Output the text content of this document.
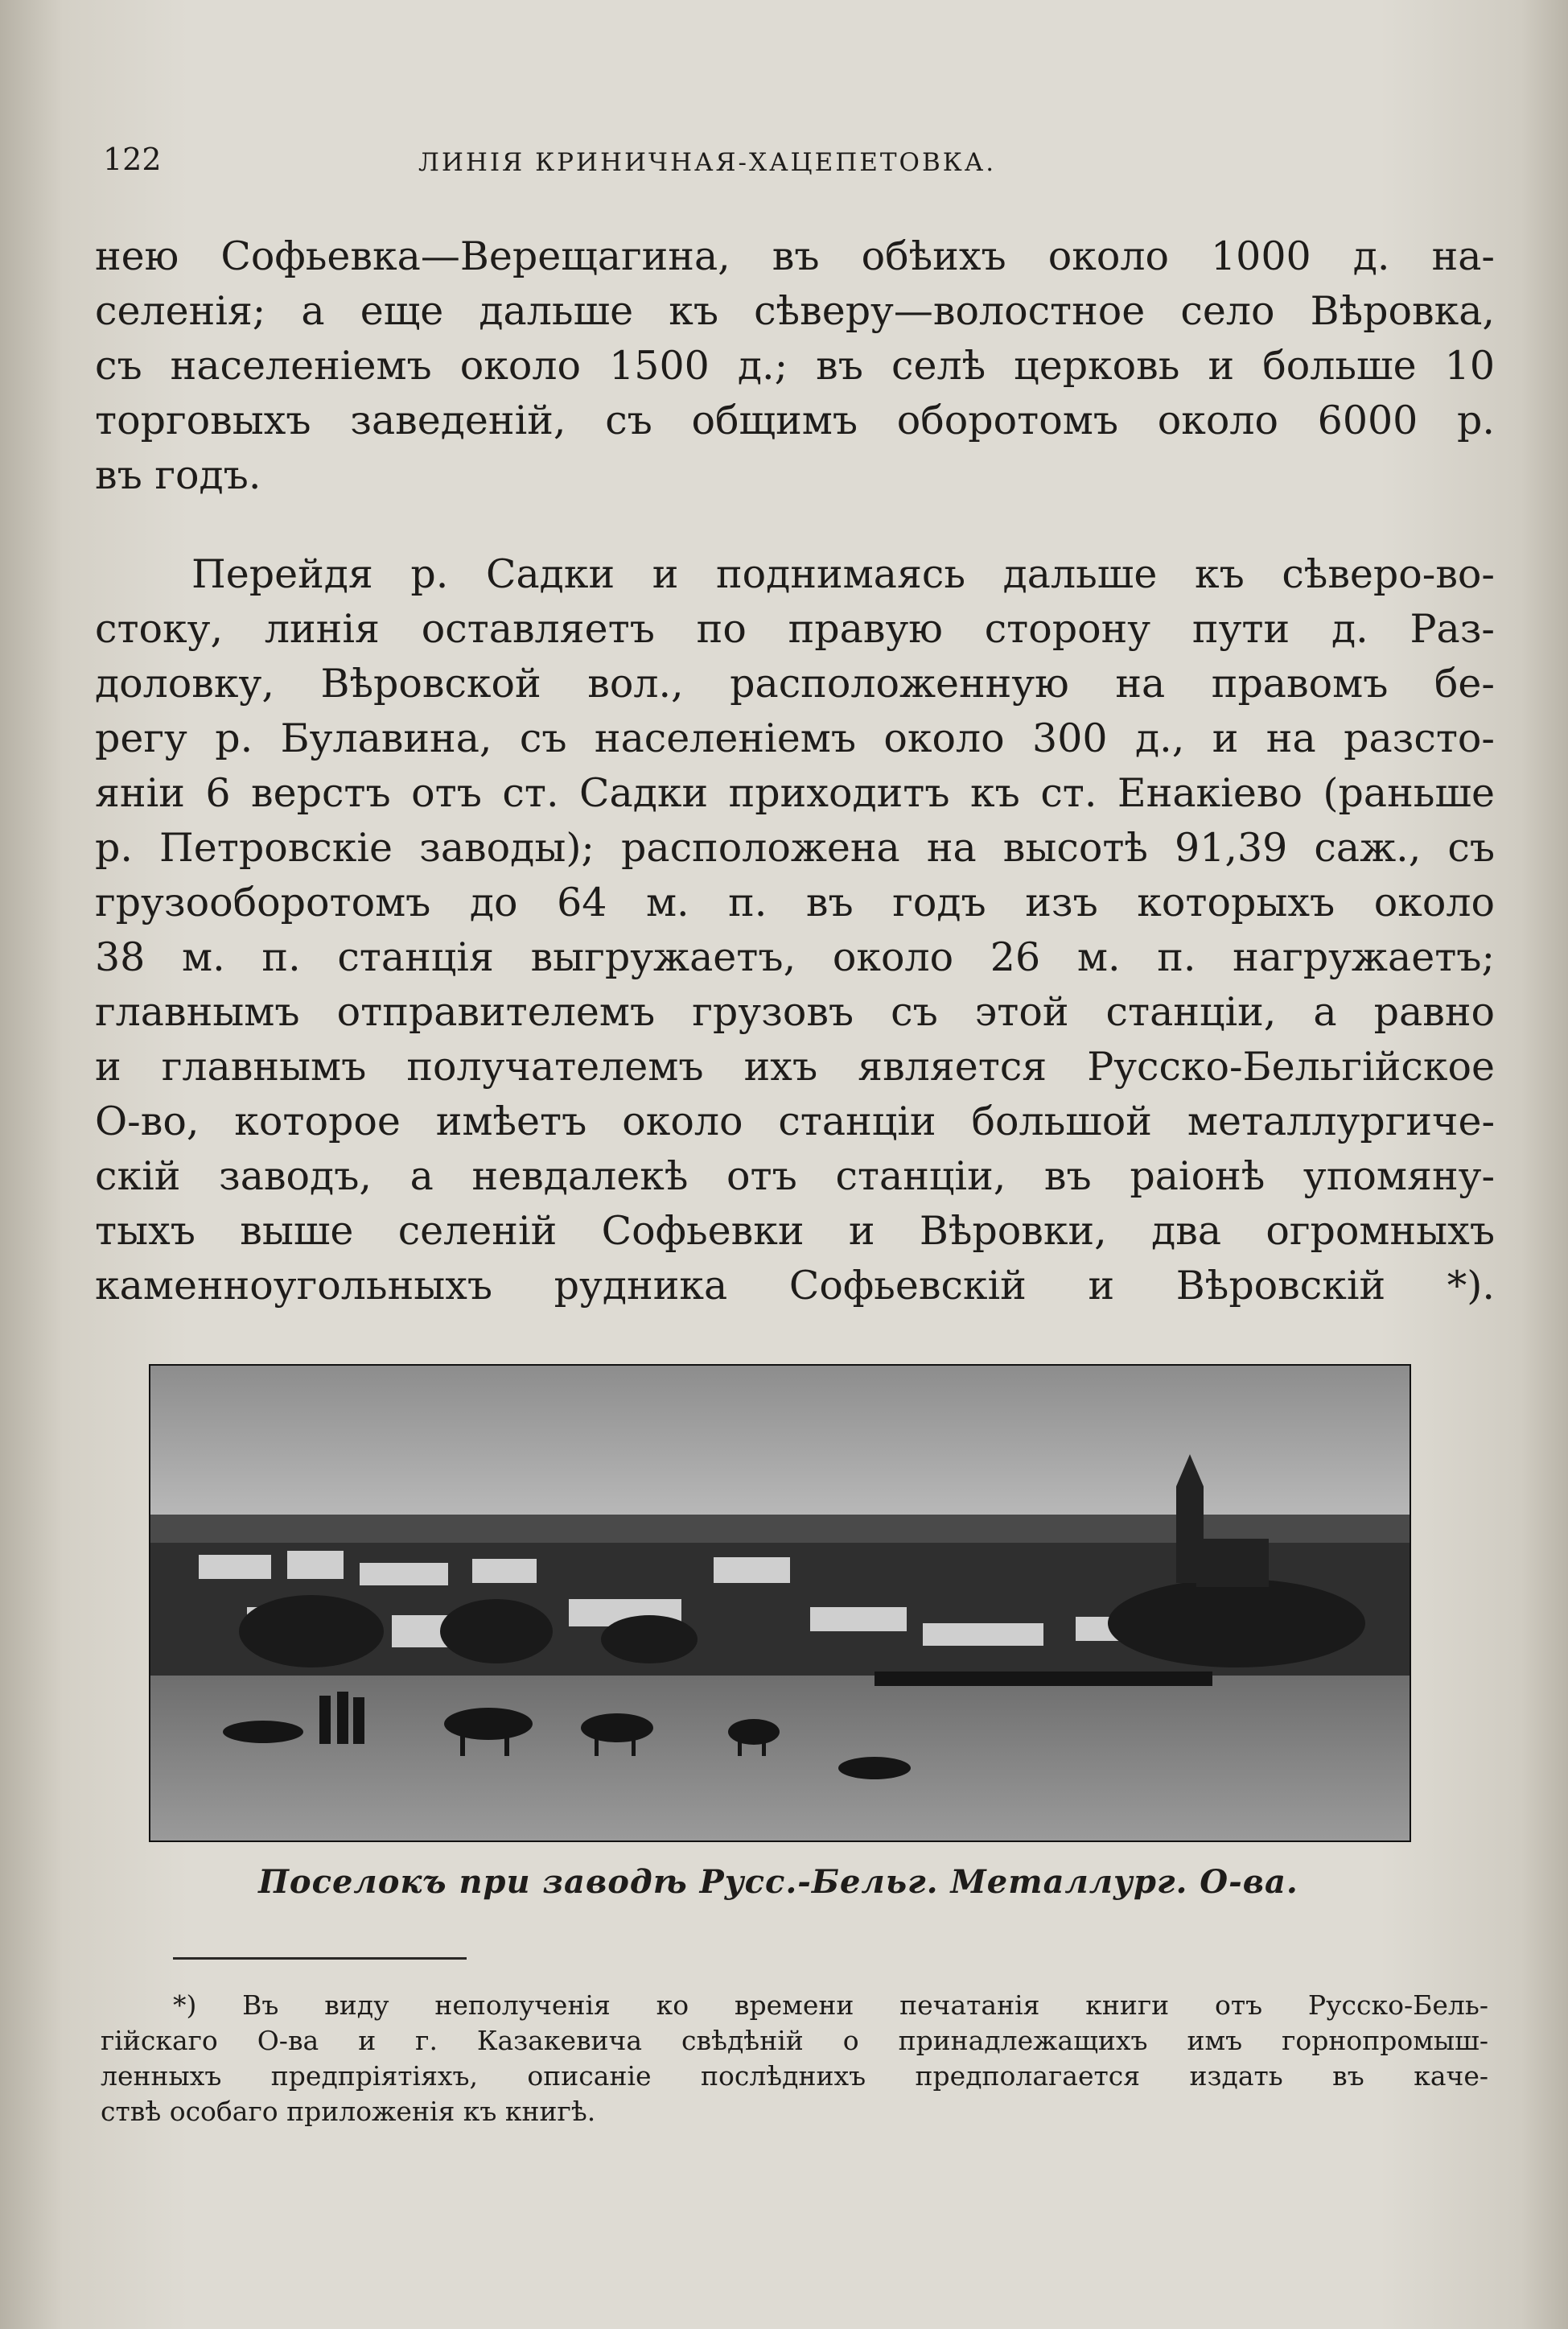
122	ЛИНІЯ КРИНИЧНАЯ-ХАЦЕПЕТОВКА.
нею Софьевка—Верещагина, въ обѣихъ около 1000 д. на-
селенія; а еще дальше къ сѣверу—волостное село Вѣровка,
съ населеніемъ около 1500 д.; въ селѣ церковь и больше 10
торговыхъ заведеній, съ общимъ оборотомъ около 6000 р.
въ годъ.
Перейдя р. Садки и поднимаясь дальше къ сѣверо-во-
стоку, линія оставляетъ по правую сторону пути д. Раз-
доловку, Вѣровской вол., расположенную на правомъ бе-
регу р. Булавина, съ населеніемъ около 300 д., и на разсто-
яніи 6 верстъ отъ ст. Садки приходитъ къ ст. Енакіево (раньше
р. Петровскіе заводы); расположена на высотѣ 91,39 саж., съ
грузооборотомъ до 64 м. п. въ годъ изъ которыхъ около
38 м. п. станція выгружаетъ, около 26 м. п. нагружаетъ;
главнымъ отправителемъ грузовъ съ этой станціи, а равно
и главнымъ получателемъ ихъ является Русско-Бельгійское
О-во, которое имѣетъ около станціи большой металлургиче-
скій заводъ, а невдалекѣ отъ станціи, въ раіонѣ упомяну-
тыхъ выше селеній Софьевки и Вѣровки, два огромныхъ
каменноугольныхъ рудника Софьевскій и Вѣровскій *).
Поселокъ при заводѣ Русс.-Бельг. Металлург. О-ва.
*) Въ виду неполученія ко времени печатанія книги отъ Русско-Бель-
гійскаго О-ва и г. Казакевича свѣдѣній о принадлежащихъ имъ горнопромыш-
ленныхъ предпріятіяхъ, описаніе послѣднихъ предполагается издать въ каче-
ствѣ особаго приложенія къ книгѣ.
